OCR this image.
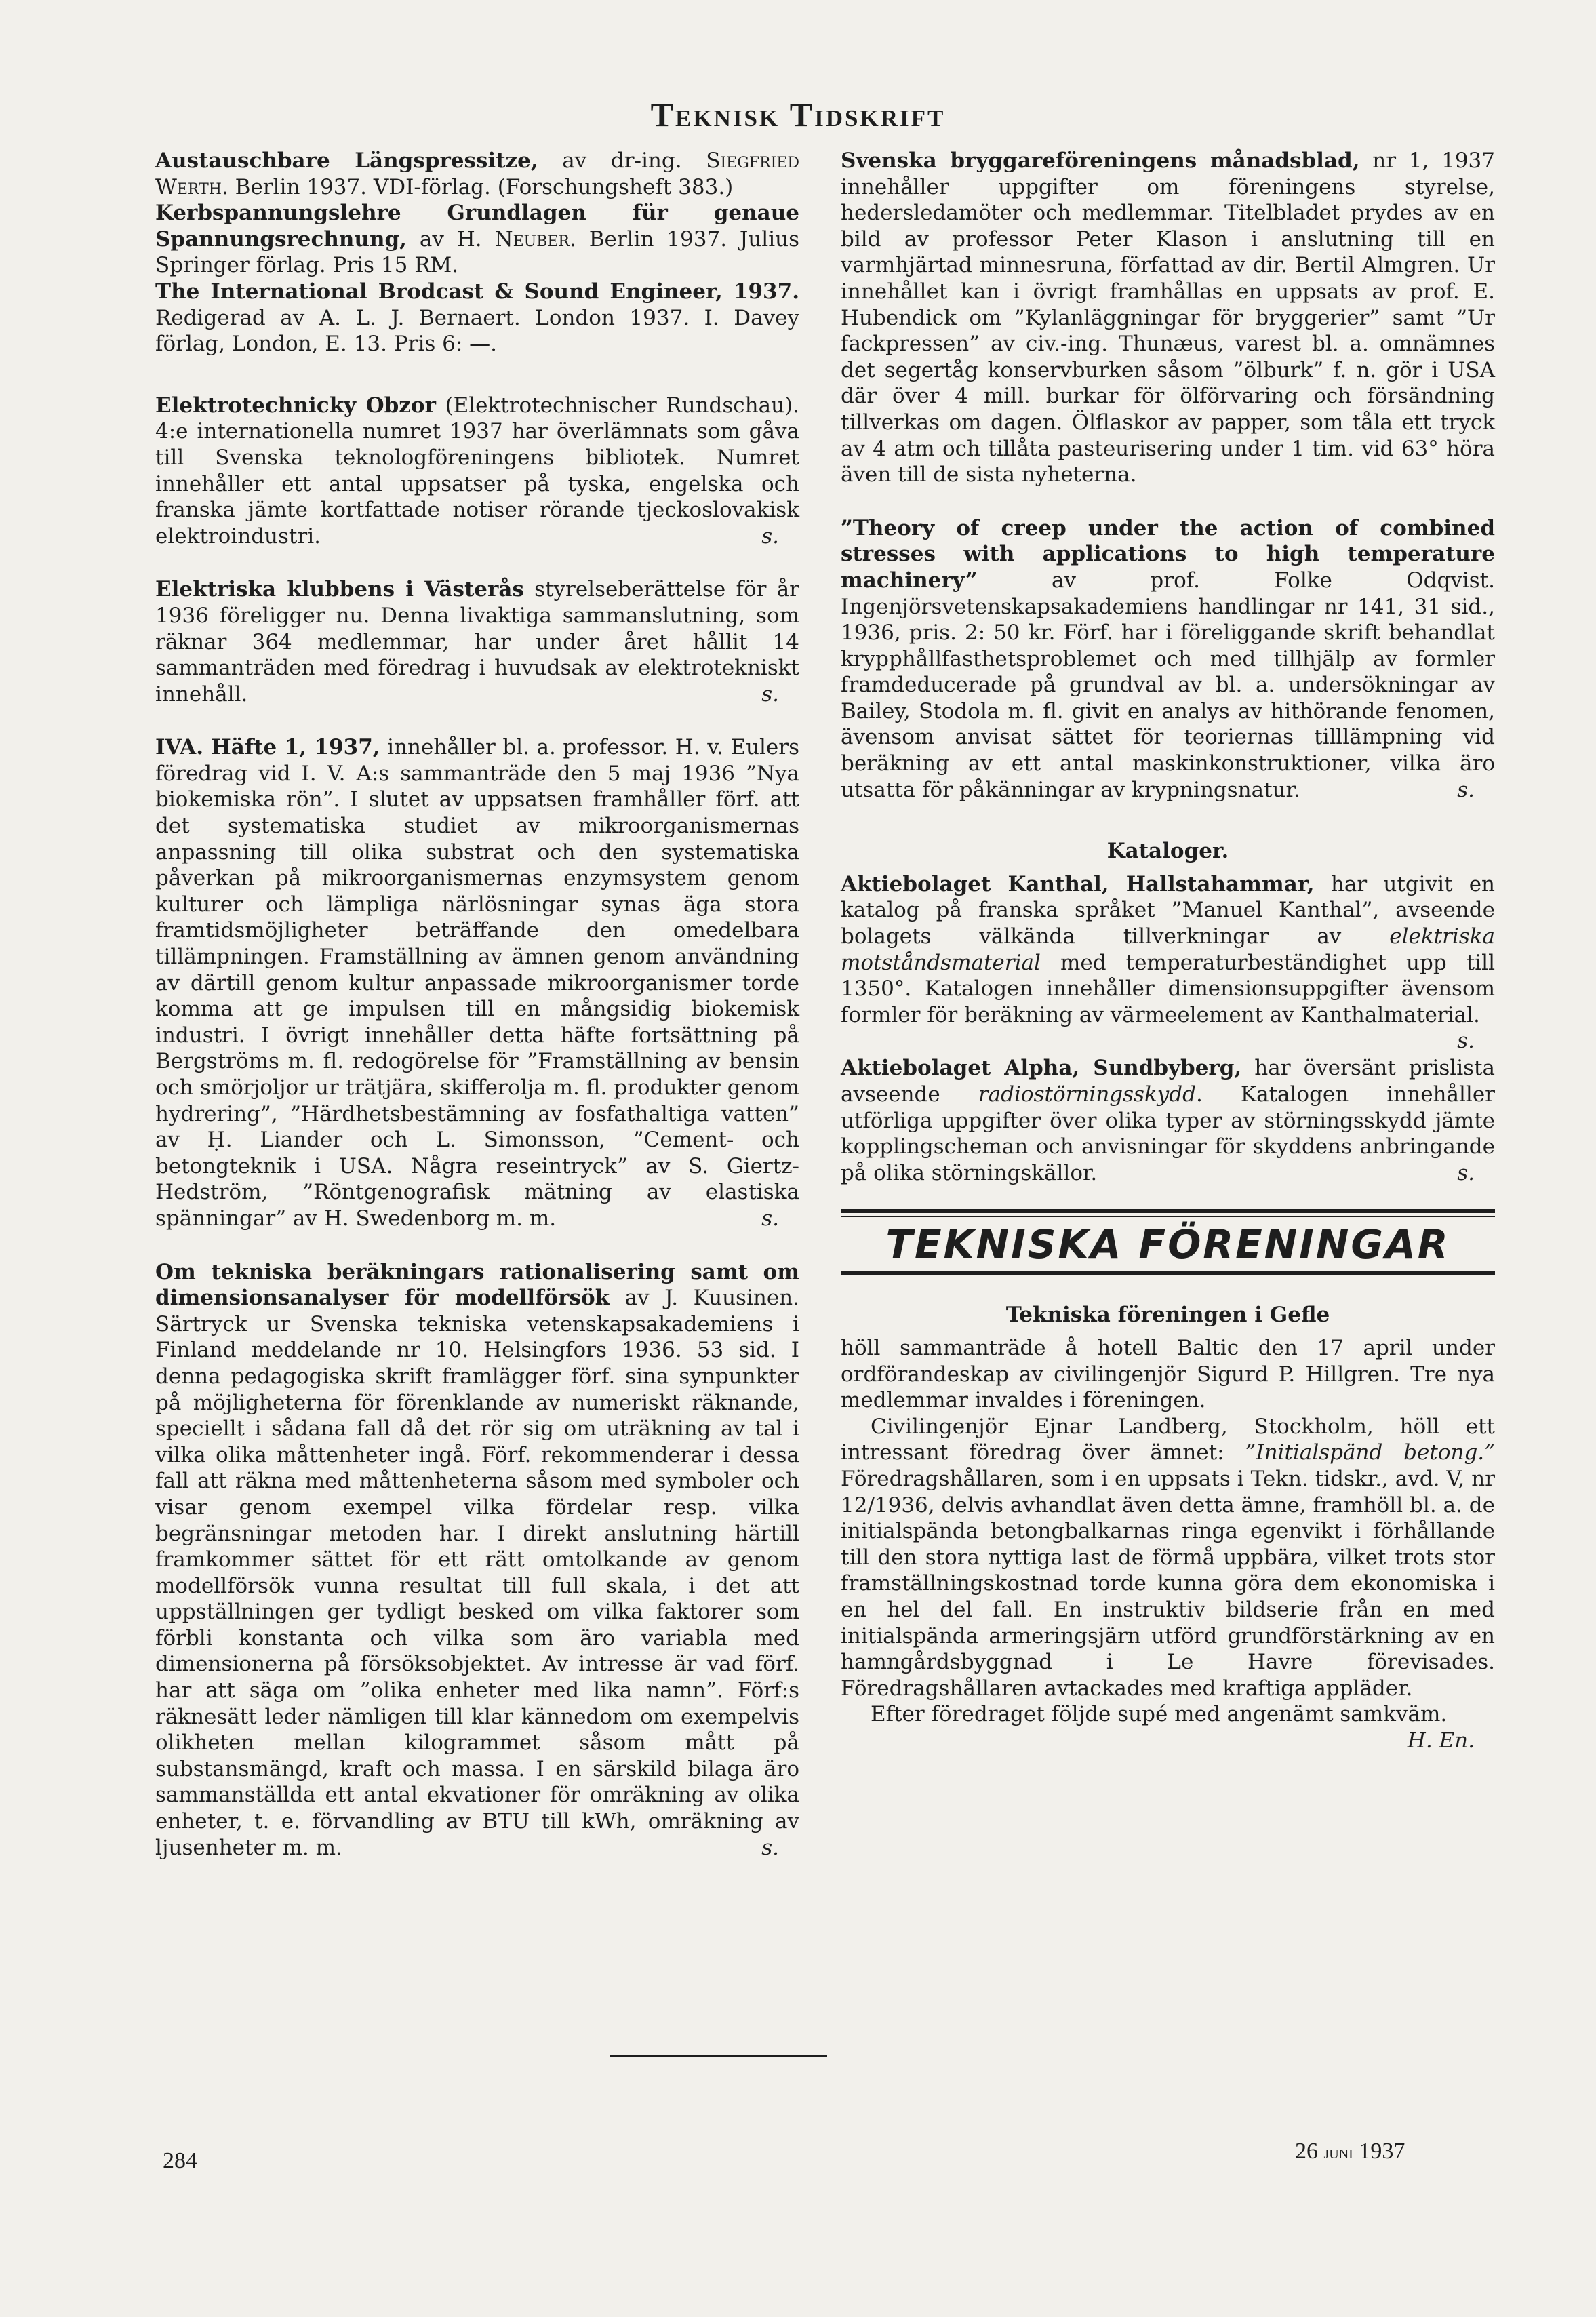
Teknisk Tidskrift

Austauschbare Längspressitze, av dr-ing. Siegfried Werth. Berlin 1937. VDI-förlag. (Forschungsheft 383.)

Kerbspannungslehre Grundlagen für genaue Spannungsrechnung, av H. Neuber. Berlin 1937. Julius Springer förlag. Pris 15 RM.

The International Brodcast & Sound Engineer, 1937. Redigerad av A. L. J. Bernaert. London 1937. I. Davey förlag, London, E. 13. Pris 6: —.

Elektrotechnicky Obzor (Elektrotechnischer Rundschau). 4:e internationella numret 1937 har överlämnats som gåva till Svenska teknologföreningens bibliotek. Numret innehåller ett antal uppsatser på tyska, engelska och franska jämte kortfattade notiser rörande tjeckoslovakisk elektroindustri.	s.

Elektriska klubbens i Västerås styrelseberättelse för år 1936 föreligger nu. Denna livaktiga sammanslutning, som räknar 364 medlemmar, har under året hållit 14 sammanträden med föredrag i huvudsak av elektrotekniskt innehåll.	s.

IVA. Häfte 1, 1937, innehåller bl. a. professor. H. v. Eulers föredrag vid I. V. A:s sammanträde den 5 maj 1936 ”Nya biokemiska rön”. I slutet av uppsatsen framhåller förf. att det systematiska studiet av mikroorganismernas anpassning till olika substrat och den systematiska påverkan på mikroorganismernas enzymsystem genom kulturer och lämpliga närlösningar synas äga stora framtidsmöjligheter beträffande den omedelbara tillämpningen. Framställning av ämnen genom användning av därtill genom kultur anpassade mikroorganismer torde komma att ge impulsen till en mångsidig biokemisk industri. I övrigt innehåller detta häfte fortsättning på Bergströms m. fl. redogörelse för ”Framställning av bensin och smörjoljor ur trätjära, skifferolja m. fl. produkter genom hydrering”, ”Härdhetsbestämning av fosfathaltiga vatten” av Ḥ. Liander och L. Simonsson, ”Cement- och betongteknik i USA. Några reseintryck” av S. Giertz-Hedström, ”Röntgenografisk mätning av elastiska spänningar” av H. Swedenborg m. m.	s.

Om tekniska beräkningars rationalisering samt om dimensionsanalyser för modellförsök av J. Kuusinen. Särtryck ur Svenska tekniska vetenskapsakademiens i Finland meddelande nr 10. Helsingfors 1936. 53 sid. I denna pedagogiska skrift framlägger förf. sina synpunkter på möjligheterna för förenklande av numeriskt räknande, speciellt i sådana fall då det rör sig om uträkning av tal i vilka olika måttenheter ingå. Förf. rekommenderar i dessa fall att räkna med måttenheterna såsom med symboler och visar genom exempel vilka fördelar resp. vilka begränsningar metoden har. I direkt anslutning härtill framkommer sättet för ett rätt omtolkande av genom modellförsök vunna resultat till full skala, i det att uppställningen ger tydligt besked om vilka faktorer som förbli konstanta och vilka som äro variabla med dimensionerna på försöksobjektet. Av intresse är vad förf. har att säga om ”olika enheter med lika namn”. Förf:s räknesätt leder nämligen till klar kännedom om exempelvis olikheten mellan kilogrammet såsom mått på substansmängd, kraft och massa. I en särskild bilaga äro sammanställda ett antal ekvationer för omräkning av olika enheter, t. e. förvandling av BTU till kWh, omräkning av ljusenheter m. m.	s.

Svenska bryggareföreningens månadsblad, nr 1, 1937 innehåller uppgifter om föreningens styrelse, hedersledamöter och medlemmar. Titelbladet prydes av en bild av professor Peter Klason i anslutning till en varmhjärtad minnesruna, författad av dir. Bertil Almgren. Ur innehållet kan i övrigt framhållas en uppsats av prof. E. Hubendick om ”Kylanläggningar för bryggerier” samt ”Ur fackpressen” av civ.-ing. Thunæus, varest bl. a. omnämnes det segertåg konservburken såsom ”ölburk” f. n. gör i USA där över 4 mill. burkar för ölförvaring och försändning tillverkas om dagen. Ölflaskor av papper, som tåla ett tryck av 4 atm och tillåta pasteurisering under 1 tim. vid 63° höra även till de sista nyheterna.

”Theory of creep under the action of combined stresses with applications to high temperature machinery”	av prof. Folke Odqvist. Ingenjörsvetenskapsakademiens handlingar nr 141, 31 sid., 1936, pris. 2: 50 kr. Förf. har i föreliggande skrift behandlat krypphållfasthetsproblemet och med tillhjälp av formler framdeducerade på grundval av bl. a. undersökningar av Bailey, Stodola m. fl. givit en analys av hithörande fenomen, ävensom anvisat sättet för teoriernas tilllämpning vid beräkning av ett antal maskinkonstruktioner, vilka äro utsatta för påkänningar av krypningsnatur.	s.

Kataloger.

Aktiebolaget Kanthal, Hallstahammar, har utgivit en katalog på franska språket ”Manuel Kanthal”, avseende bolagets välkända tillverkningar av elektriska motståndsmaterial med temperaturbeständighet upp till 1350°. Katalogen innehåller dimensionsuppgifter ävensom formler för beräkning av värmeelement av Kanthalmaterial.
s.

Aktiebolaget Alpha, Sundbyberg, har översänt prislista avseende radiostörningsskydd. Katalogen innehåller utförliga uppgifter över olika typer av störningsskydd jämte kopplingscheman och anvisningar för skyddens anbringande på olika störningskällor.	s.

TEKNISKA FÖRENINGAR

Tekniska föreningen i Gefle

höll sammanträde å hotell Baltic den 17 april under ordförandeskap av civilingenjör Sigurd P. Hillgren. Tre nya medlemmar invaldes i föreningen.

Civilingenjör Ejnar Landberg, Stockholm, höll ett intressant föredrag över ämnet: ”Initialspänd betong.” Föredragshållaren, som i en uppsats i Tekn. tidskr., avd. V, nr 12/1936, delvis avhandlat även detta ämne, framhöll bl. a. de initialspända betongbalkarnas ringa egenvikt i förhållande till den stora nyttiga last de förmå uppbära, vilket trots stor framställningskostnad torde kunna göra dem ekonomiska i en hel del fall. En instruktiv bildserie från en med initialspända armeringsjärn utförd grundförstärkning av en hamngårdsbyggnad i Le Havre förevisades. Föredragshållaren avtackades med kraftiga appläder.

Efter föredraget följde supé med angenämt samkväm.

H. En.

284	26 juni 1937
